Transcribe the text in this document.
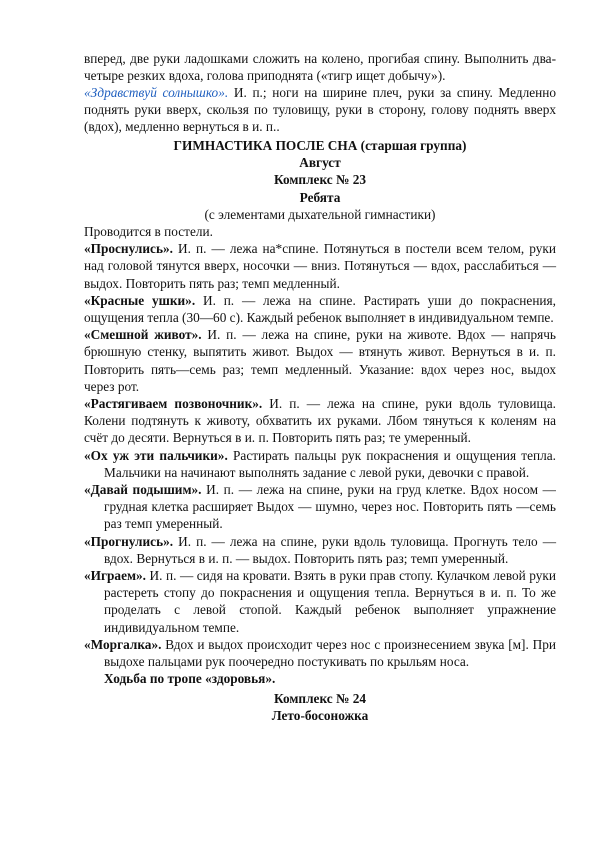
вперед, две руки ладошками сложить на колено, прогибая спину. Выполнить два-четыре резких вдоха, голова приподнята («тигр ищет добычу»).

«Здравствуй солнышко». И. п.; ноги на ширине плеч, руки за спину. Медленно поднять руки вверх, скользя по туловищу, руки в сторону, голову поднять вверх (вдох), медленно вернуться в и. п..

ГИМНАСТИКА ПОСЛЕ СНА (старшая группа)

Август

Комплекс № 23

Ребята

(с элементами дыхательной гимнастики)

Проводится в постели.

«Проснулись». И. п. — лежа на*спине. Потянуться в постели всем телом, руки над головой тянутся вверх, носочки — вниз. Потянуться — вдох, расслабиться — выдох. Повторить пять раз; темп медленный.

«Красные ушки». И. п. — лежа на спине. Растирать уши до покраснения, ощущения тепла (30—60 с). Каждый ребенок выполняет в индивидуальном темпе.

«Смешной живот». И. п. — лежа на спине, руки на животе. Вдох — напрячь брюшную стенку, выпятить живот. Выдох — втянуть живот. Вернуться в и. п. Повторить пять—семь раз; темп медленный. Указание: вдох через нос, выдох через рот.

«Растягиваем позвоночник». И. п. — лежа на спине, руки вдоль туловища. Колени подтянуть к животу, обхватить их руками. Лбом тянуться к коленям на счёт до десяти. Вернуться в и. п. Повторить пять раз; те умеренный.

«Ох уж эти пальчики». Растирать пальцы рук покраснения и ощущения тепла. Мальчики на начинают выполнять задание с левой руки, девочки с правой.

«Давай подышим». И. п. — лежа на спине, руки на груд клетке. Вдох носом — грудная клетка расширяет Выдох — шумно, через нос. Повторить пять —семь раз темп умеренный.

«Прогнулись». И. п. — лежа на спине, руки вдоль туловища. Прогнуть тело — вдох. Вернуться в и. п. — выдох. Повторить пять раз; темп умеренный.

«Играем». И. п. — сидя на кровати. Взять в руки прав стопу. Кулачком левой руки растереть стопу до покраснения и ощущения тепла. Вернуться в и. п. То же проделать с левой стопой. Каждый ребенок выполняет упражнение индивидуальном темпе.

«Моргалка». Вдох и выдох происходит через нос с произнесением звука [м]. При выдохе пальцами рук поочередно постукивать по крыльям носа.

Ходьба по тропе «здоровья».

Комплекс № 24

Лето-босоножка
